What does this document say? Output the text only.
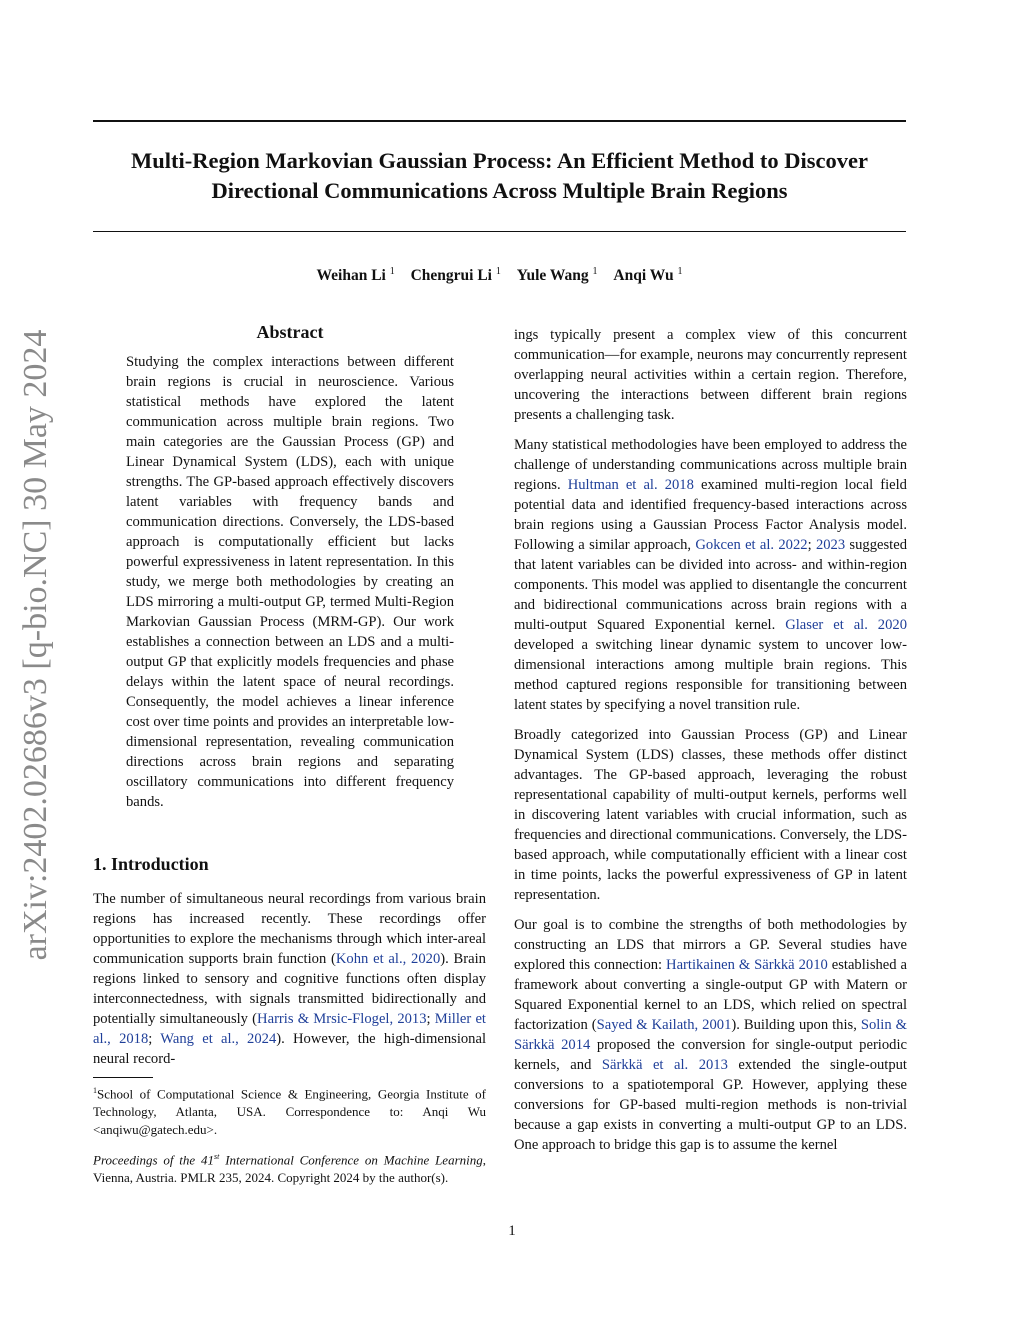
arXiv:2402.02686v3 [q-bio.NC] 30 May 2024
Multi-Region Markovian Gaussian Process: An Efficient Method to Discover
Directional Communications Across Multiple Brain Regions
Weihan Li $^1$ Chengrui Li $^1$ Yule Wang $^1$ Anqi Wu $^1$
Abstract
Studying the complex interactions between different brain regions is crucial in neuroscience. Various statistical methods have explored the latent communication across multiple brain regions. Two main categories are the Gaussian Process (GP) and Linear Dynamical System (LDS), each with unique strengths. The GP-based approach effectively discovers latent variables with frequency bands and communication directions. Conversely, the LDS-based approach is computationally efficient but lacks powerful expressiveness in latent representation. In this study, we merge both methodologies by creating an LDS mirroring a multi-output GP, termed Multi-Region Markovian Gaussian Process (MRM-GP). Our work establishes a connection between an LDS and a multi-output GP that explicitly models frequencies and phase delays within the latent space of neural recordings. Consequently, the model achieves a linear inference cost over time points and provides an interpretable low-dimensional representation, revealing communication directions across brain regions and separating oscillatory communications into different frequency bands.
1. Introduction
The number of simultaneous neural recordings from various brain regions has increased recently. These recordings offer opportunities to explore the mechanisms through which inter-areal communication supports brain function (Kohn et al., 2020). Brain regions linked to sensory and cognitive functions often display interconnectedness, with signals transmitted bidirectionally and potentially simultaneously (Harris & Mrsic-Flogel, 2013; Miller et al., 2018; Wang et al., 2024). However, the high-dimensional neural record-
$^1$School of Computational Science & Engineering, Georgia Institute of Technology, Atlanta, USA. Correspondence to: Anqi Wu <anqiwu@gatech.edu>.
Proceedings of the 41st International Conference on Machine Learning, Vienna, Austria. PMLR 235, 2024. Copyright 2024 by the author(s).

ings typically present a complex view of this concurrent communication—for example, neurons may concurrently represent overlapping neural activities within a certain region. Therefore, uncovering the interactions between different brain regions presents a challenging task.

Many statistical methodologies have been employed to address the challenge of understanding communications across multiple brain regions. Hultman et al. 2018 examined multi-region local field potential data and identified frequency-based interactions across brain regions using a Gaussian Process Factor Analysis model. Following a similar approach, Gokcen et al. 2022; 2023 suggested that latent variables can be divided into across- and within-region components. This model was applied to disentangle the concurrent and bidirectional communications across brain regions with a multi-output Squared Exponential kernel. Glaser et al. 2020 developed a switching linear dynamic system to uncover low-dimensional interactions among multiple brain regions. This method captured regions responsible for transitioning between latent states by specifying a novel transition rule.

Broadly categorized into Gaussian Process (GP) and Linear Dynamical System (LDS) classes, these methods offer distinct advantages. The GP-based approach, leveraging the robust representational capability of multi-output kernels, performs well in discovering latent variables with crucial information, such as frequencies and directional communications. Conversely, the LDS-based approach, while computationally efficient with a linear cost in time points, lacks the powerful expressiveness of GP in latent representation.

Our goal is to combine the strengths of both methodologies by constructing an LDS that mirrors a GP. Several studies have explored this connection: Hartikainen & Särkkä 2010 established a framework about converting a single-output GP with Matern or Squared Exponential kernel to an LDS, which relied on spectral factorization (Sayed & Kailath, 2001). Building upon this, Solin & Särkkä 2014 proposed the conversion for single-output periodic kernels, and Särkkä et al. 2013 extended the single-output conversions to a spatiotemporal GP. However, applying these conversions for GP-based multi-region methods is non-trivial because a gap exists in converting a multi-output GP to an LDS. One approach to bridge this gap is to assume the kernel

1
